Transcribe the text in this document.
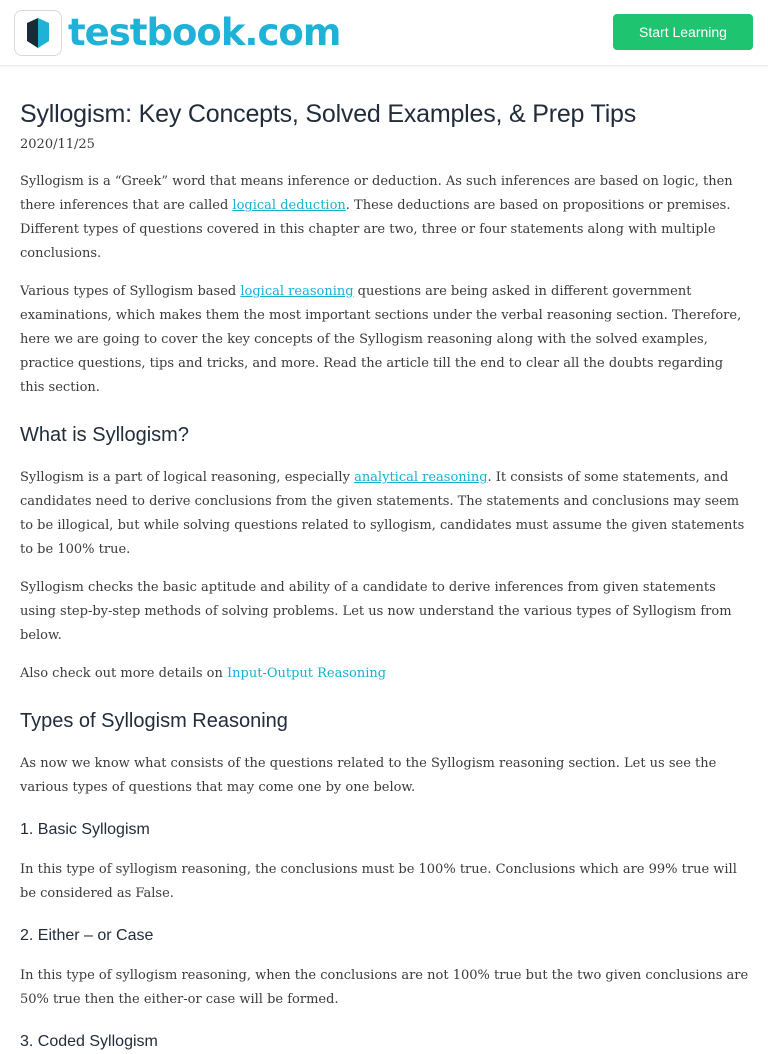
testbook.com	Start Learning
Syllogism: Key Concepts, Solved Examples, & Prep Tips
2020/11/25

Syllogism is a “Greek” word that means inference or deduction. As such inferences are based on logic, then there inferences that are called logical deduction. These deductions are based on propositions or premises. Different types of questions covered in this chapter are two, three or four statements along with multiple conclusions.

Various types of Syllogism based logical reasoning questions are being asked in different government examinations, which makes them the most important sections under the verbal reasoning section. Therefore, here we are going to cover the key concepts of the Syllogism reasoning along with the solved examples, practice questions, tips and tricks, and more. Read the article till the end to clear all the doubts regarding this section.

What is Syllogism?

Syllogism is a part of logical reasoning, especially analytical reasoning. It consists of some statements, and candidates need to derive conclusions from the given statements. The statements and conclusions may seem to be illogical, but while solving questions related to syllogism, candidates must assume the given statements to be 100% true.

Syllogism checks the basic aptitude and ability of a candidate to derive inferences from given statements using step-by-step methods of solving problems. Let us now understand the various types of Syllogism from below.

Also check out more details on Input-Output Reasoning

Types of Syllogism Reasoning

As now we know what consists of the questions related to the Syllogism reasoning section. Let us see the various types of questions that may come one by one below.

1. Basic Syllogism

In this type of syllogism reasoning, the conclusions must be 100% true. Conclusions which are 99% true will be considered as False.

2. Either – or Case

In this type of syllogism reasoning, when the conclusions are not 100% true but the two given conclusions are 50% true then the either-or case will be formed.

3. Coded Syllogism
